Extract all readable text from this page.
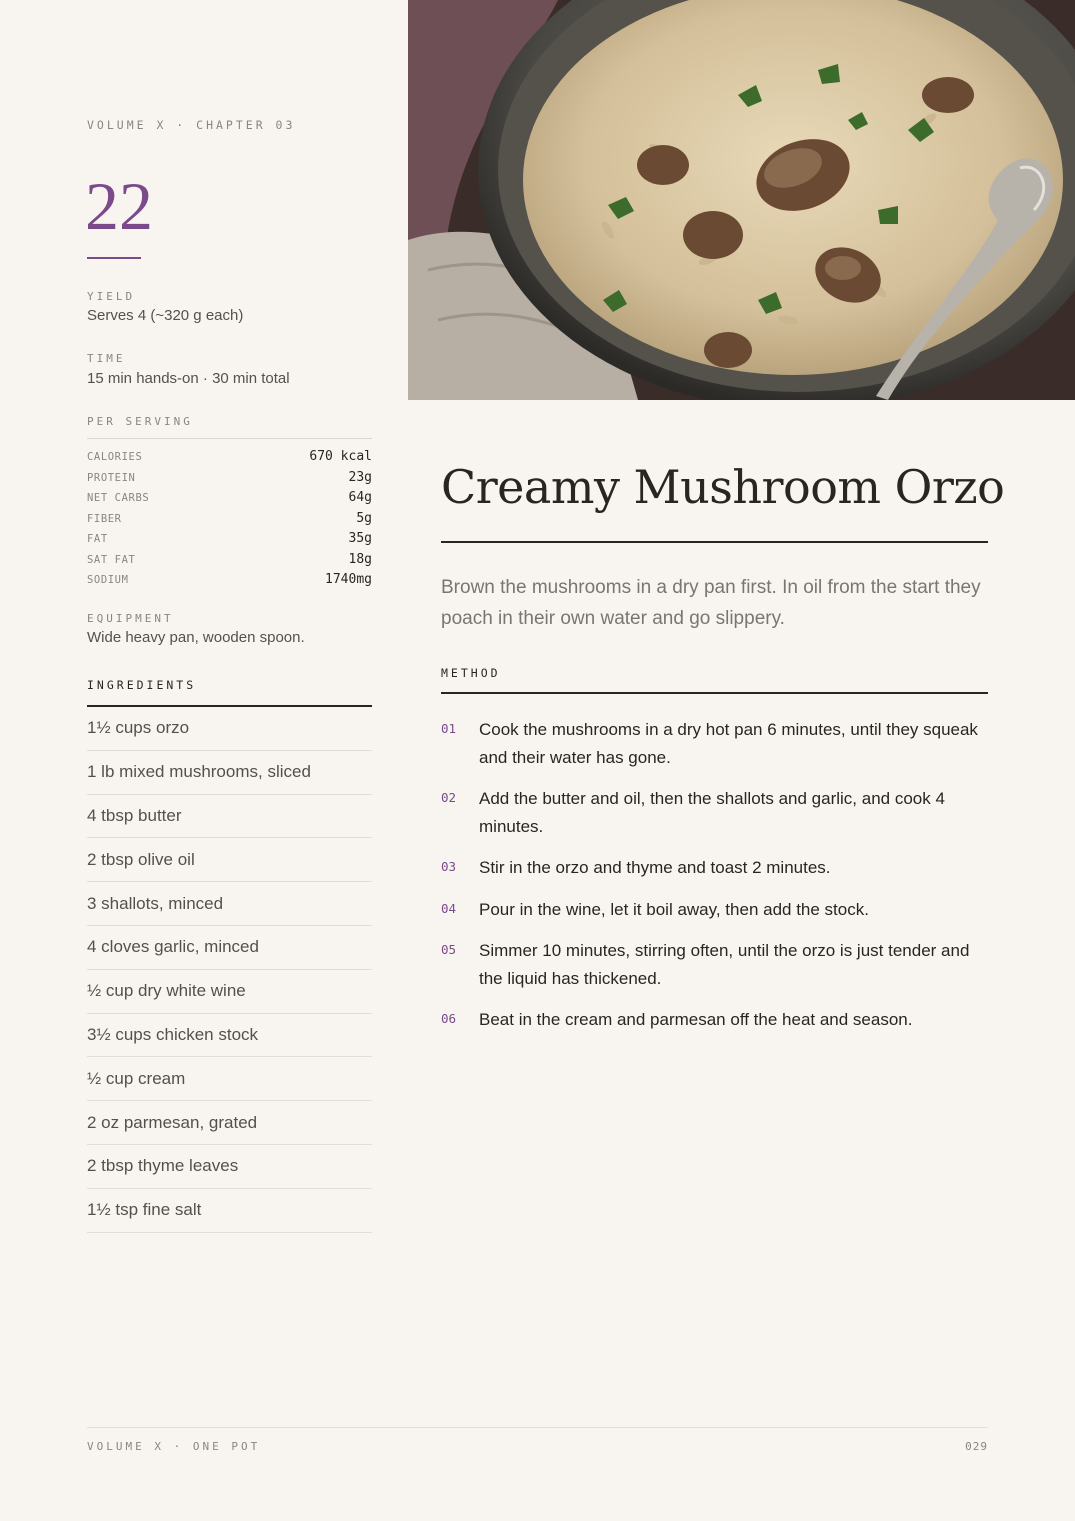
VOLUME X · CHAPTER 03
22
YIELD
Serves 4 (~320 g each)
TIME
15 min hands-on · 30 min total
PER SERVING
CALORIES	670 kcal
PROTEIN	23g
NET CARBS	64g
FIBER	5g
FAT	35g
SAT FAT	18g
SODIUM	1740mg
EQUIPMENT
Wide heavy pan, wooden spoon.
INGREDIENTS
1½ cups orzo
1 lb mixed mushrooms, sliced
4 tbsp butter
2 tbsp olive oil
3 shallots, minced
4 cloves garlic, minced
½ cup dry white wine
3½ cups chicken stock
½ cup cream
2 oz parmesan, grated
2 tbsp thyme leaves
1½ tsp fine salt
Creamy Mushroom Orzo
Brown the mushrooms in a dry pan first. In oil from the start they poach in their own water and go slippery.
METHOD
01	Cook the mushrooms in a dry hot pan 6 minutes, until they squeak and their water has gone.
02	Add the butter and oil, then the shallots and garlic, and cook 4 minutes.
03	Stir in the orzo and thyme and toast 2 minutes.
04	Pour in the wine, let it boil away, then add the stock.
05	Simmer 10 minutes, stirring often, until the orzo is just tender and the liquid has thickened.
06	Beat in the cream and parmesan off the heat and season.
VOLUME X · ONE POT	029
